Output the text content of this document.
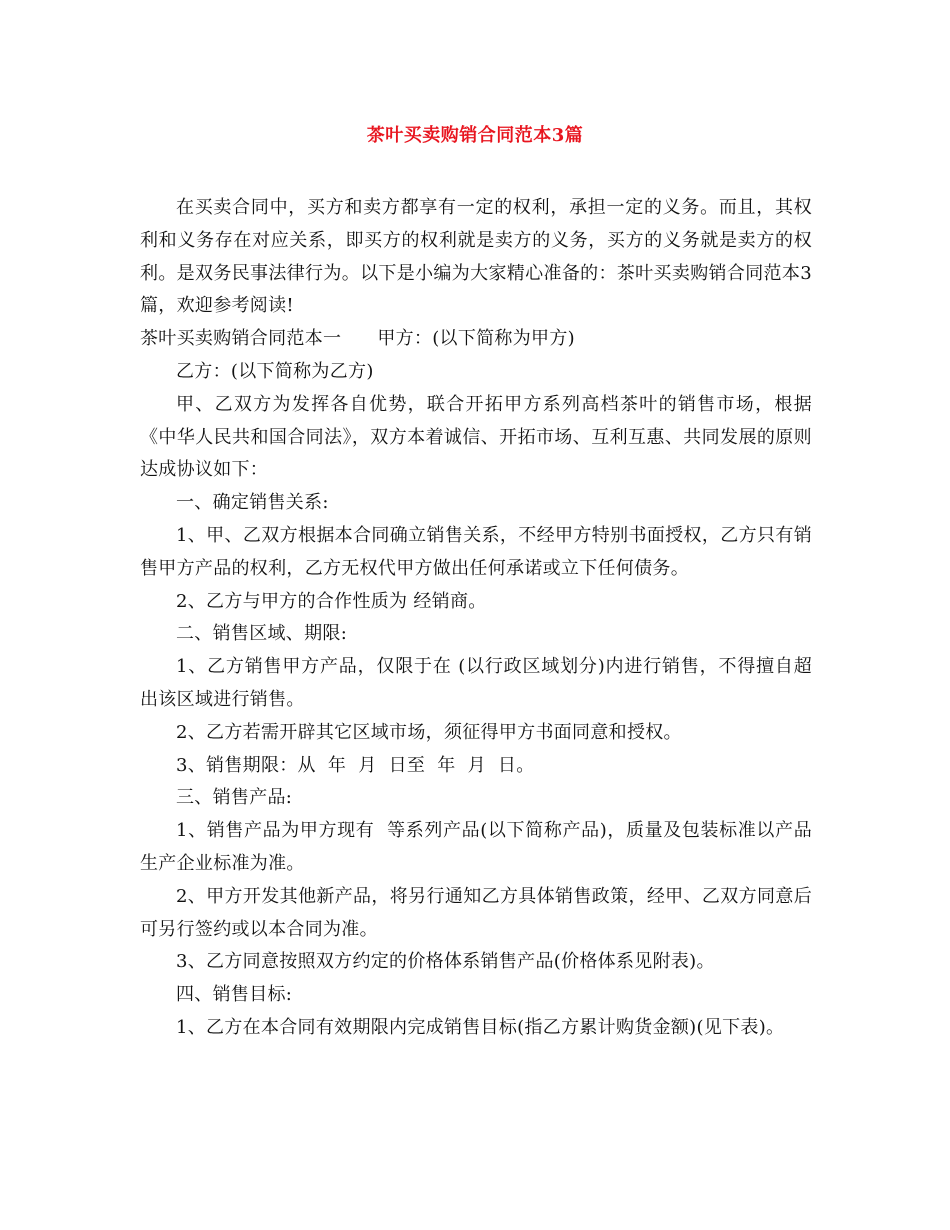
茶叶买卖购销合同范本3篇

在买卖合同中，买方和卖方都享有一定的权利，承担一定的义务。而且，其权利和义务存在对应关系，即买方的权利就是卖方的义务，买方的义务就是卖方的权利。是双务民事法律行为。以下是小编为大家精心准备的：茶叶买卖购销合同范本3篇，欢迎参考阅读!

茶叶买卖购销合同范本一 甲方：(以下简称为甲方)

乙方：(以下简称为乙方)

甲、乙双方为发挥各自优势，联合开拓甲方系列高档茶叶的销售市场，根据《中华人民共和国合同法》，双方本着诚信、开拓市场、互利互惠、共同发展的原则达成协议如下：

一、确定销售关系:

1、甲、乙双方根据本合同确立销售关系，不经甲方特别书面授权，乙方只有销售甲方产品的权利，乙方无权代甲方做出任何承诺或立下任何债务。

2、乙方与甲方的合作性质为 经销商。

二、销售区域、期限:

1、乙方销售甲方产品，仅限于在 (以行政区域划分)内进行销售，不得擅自超出该区域进行销售。

2、乙方若需开辟其它区域市场，须征得甲方书面同意和授权。

3、销售期限：从  年  月  日至  年  月  日。

三、销售产品:

1、销售产品为甲方现有  等系列产品(以下简称产品)，质量及包装标准以产品生产企业标准为准。

2、甲方开发其他新产品，将另行通知乙方具体销售政策，经甲、乙双方同意后可另行签约或以本合同为准。

3、乙方同意按照双方约定的价格体系销售产品(价格体系见附表)。

四、销售目标:

1、乙方在本合同有效期限内完成销售目标(指乙方累计购货金额)(见下表)。
